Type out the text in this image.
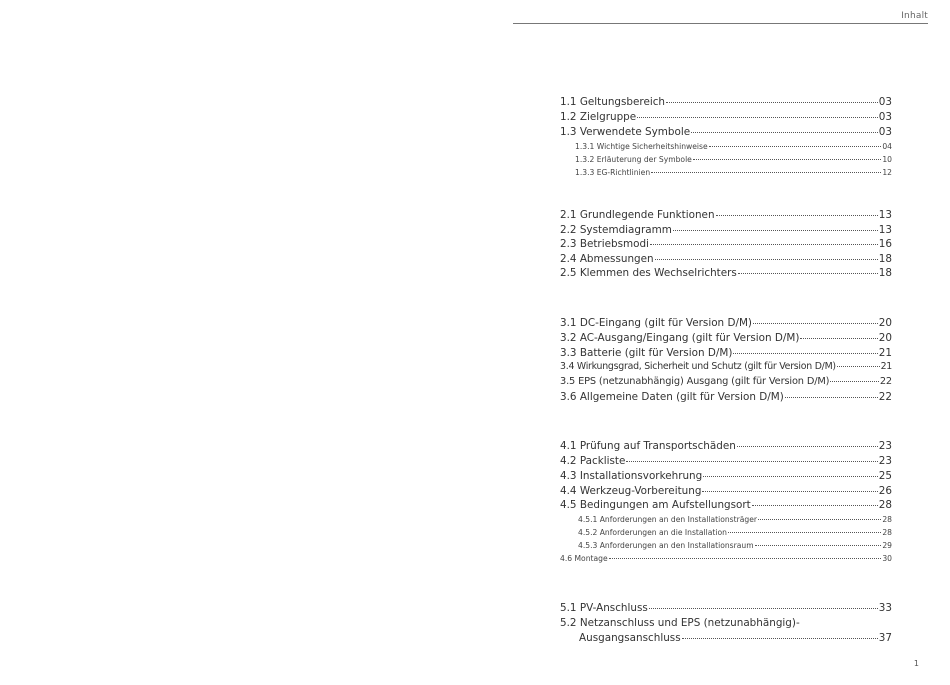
Inhalt
1.1 Geltungsbereich	03
1.2 Zielgruppe	03
1.3 Verwendete Symbole	03
1.3.1 Wichtige Sicherheitshinweise	04
1.3.2 Erläuterung der Symbole	10
1.3.3 EG-Richtlinien	12
2.1 Grundlegende Funktionen	13
2.2 Systemdiagramm	13
2.3 Betriebsmodi	16
2.4 Abmessungen	18
2.5 Klemmen des Wechselrichters	18
3.1 DC-Eingang (gilt für Version D/M)	20
3.2 AC-Ausgang/Eingang (gilt für Version D/M)	20
3.3 Batterie (gilt für Version D/M)	21
3.4 Wirkungsgrad, Sicherheit und Schutz (gilt für Version D/M)	21
3.5 EPS (netzunabhängig) Ausgang (gilt für Version D/M)	22
3.6 Allgemeine Daten (gilt für Version D/M)	22
4.1 Prüfung auf Transportschäden	23
4.2 Packliste	23
4.3 Installationsvorkehrung	25
4.4 Werkzeug-Vorbereitung	26
4.5 Bedingungen am Aufstellungsort	28
4.5.1 Anforderungen an den Installationsträger	28
4.5.2 Anforderungen an die Installation	28
4.5.3 Anforderungen an den Installationsraum	29
4.6 Montage	30
5.1 PV-Anschluss	33
5.2 Netzanschluss und EPS (netzunabhängig)-
Ausgangsanschluss	37
1
